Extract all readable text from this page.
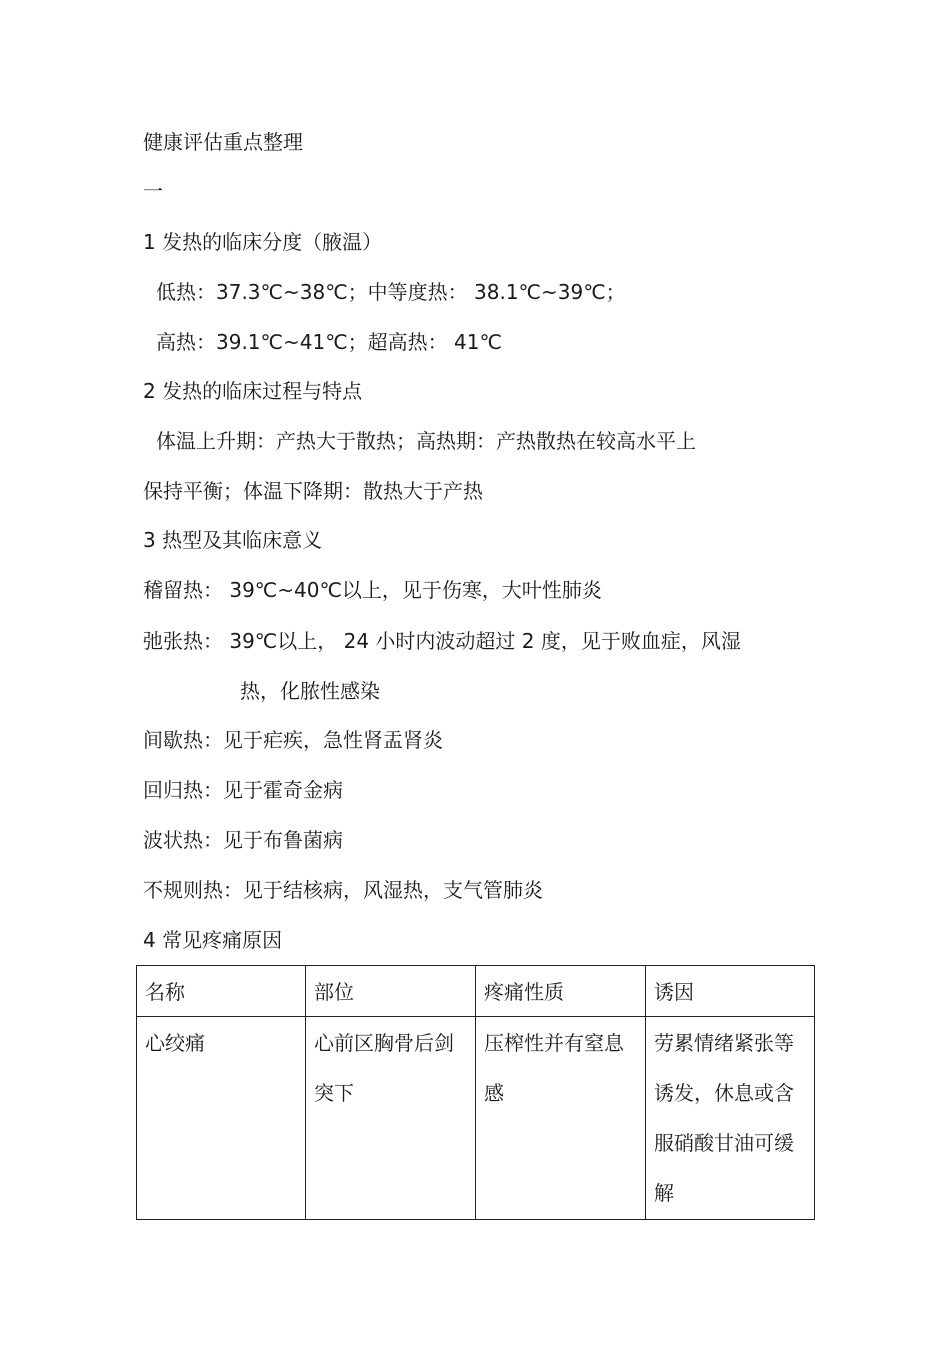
健康评估重点整理
一
1 发热的临床分度（腋温）
低热：37.3℃~38℃；中等度热： 38.1℃~39℃；
高热：39.1℃~41℃；超高热： 41℃
2 发热的临床过程与特点
体温上升期：产热大于散热；高热期：产热散热在较高水平上
保持平衡；体温下降期：散热大于产热
3 热型及其临床意义
稽留热： 39℃~40℃以上，见于伤寒，大叶性肺炎
弛张热： 39℃以上， 24 小时内波动超过 2 度，见于败血症，风湿
热，化脓性感染
间歇热：见于疟疾，急性肾盂肾炎
回归热：见于霍奇金病
波状热：见于布鲁菌病
不规则热：见于结核病，风湿热，支气管肺炎
4 常见疼痛原因
名称	部位	疼痛性质	诱因
心绞痛	心前区胸骨后剑突下	压榨性并有窒息感	劳累情绪紧张等诱发，休息或含服硝酸甘油可缓解
